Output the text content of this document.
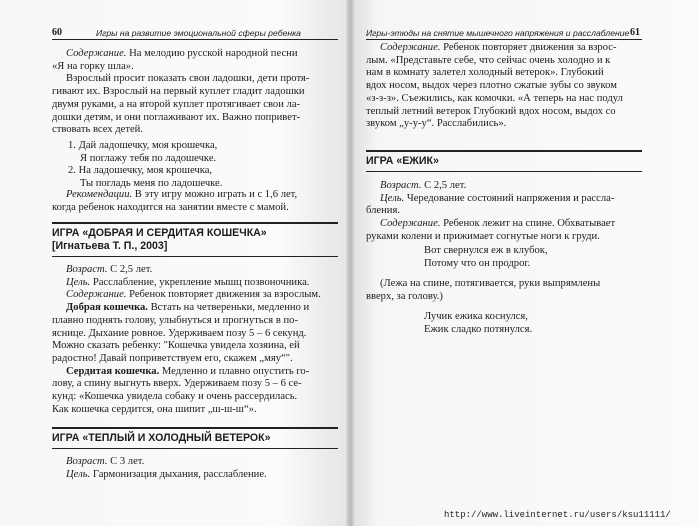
60	Игры на развитие эмоциональной сферы ребенка
Содержание. На мелодию русской народной песни
«Я на горку шла».
Взрослый просит показать свои ладошки, дети протя-
гивают их. Взрослый на первый куплет гладит ладошки
двумя руками, а на второй куплет протягивает свои ла-
дошки детям, и они поглаживают их. Важно попривет-
ствовать всех детей.
1. Дай ладошечку, моя крошечка,
Я поглажу тебя по ладошечке.
2. На ладошечку, моя крошечка,
Ты погладь меня по ладошечке.
Рекомендации. В эту игру можно играть и с 1,6 лет,
когда ребенок находится на занятии вместе с мамой.
ИГРА «ДОБРАЯ И СЕРДИТАЯ КОШЕЧКА»
[Игнатьева Т. П., 2003]
Возраст. С 2,5 лет.
Цель. Расслабление, укрепление мышц позвоночника.
Содержание. Ребенок повторяет движения за взрослым.
Добрая кошечка. Встать на четвереньки, медленно и
плавно поднять голову, улыбнуться и прогнуться в по-
яснице. Дыхание ровное. Удерживаем позу 5 – 6 секунд.
Можно сказать ребенку: "Кошечка увидела хозяина, ей
радостно! Давай поприветствуем его, скажем „мяу“".
Сердитая кошечка. Медленно и плавно опустить го-
лову, а спину выгнуть вверх. Удерживаем позу 5 – 6 се-
кунд: «Кошечка увидела собаку и очень рассердилась.
Как кошечка сердится, она шипит „ш-ш-ш“».
ИГРА «ТЕПЛЫЙ И ХОЛОДНЫЙ ВЕТЕРОК»
Возраст. С 3 лет.
Цель. Гармонизация дыхания, расслабление.
Игры-этюды на снятие мышечного напряжения и расслабление 61
Содержание. Ребенок повторяет движения за взрос-
лым. «Представьте себе, что сейчас очень холодно и к
нам в комнату залетел холодный ветерок». Глубокий
вдох носом, выдох через плотно сжатые зубы со звуком
«з-з-з». Съежились, как комочки. «А теперь на нас подул
теплый летний ветерок Глубокий вдох носом, выдох со
звуком „у-у-у“. Расслабились».
ИГРА «ЕЖИК»
Возраст. С 2,5 лет.
Цель. Чередование состояний напряжения и расслa-
бления.
Содержание. Ребенок лежит на спине. Обхватывает
руками колени и прижимает согнутые ноги к груди.
Вот свернулся еж в клубок,
Потому что он продрог.
(Лежа на спине, потягивается, руки выпрямлены
вверх, за голову.)
Лучик ежика коснулся,
Ежик сладко потянулся.
http://www.liveinternet.ru/users/ksu11111/
